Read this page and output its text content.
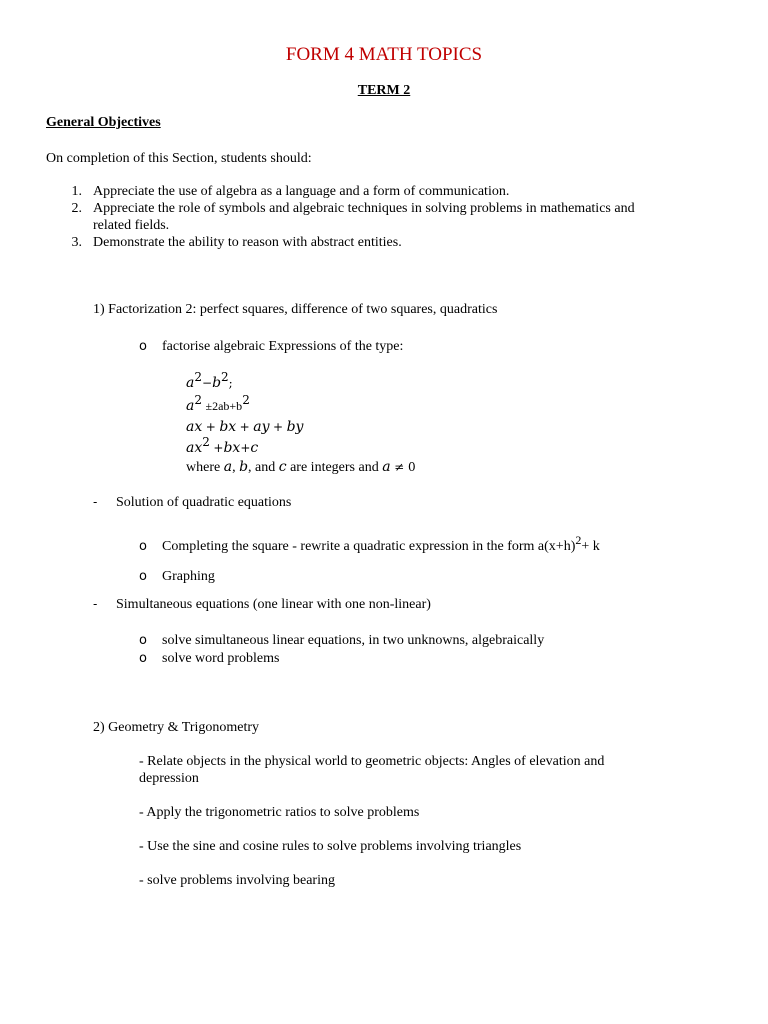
FORM 4 MATH TOPICS
TERM 2
General Objectives
On completion of this Section, students should:
1. Appreciate the use of algebra as a language and a form of communication.
2. Appreciate the role of symbols and algebraic techniques in solving problems in mathematics and
related fields.
3. Demonstrate the ability to reason with abstract entities.
1) Factorization 2: perfect squares, difference of two squares, quadratics
o factorise algebraic Expressions of the type:
$a^2-b^2$;
$a^2 \pm 2ab+b^2$
ax + bx + ay + by
$ax^2 +bx+c$
where a, b, and c are integers and a ≠ 0
- Solution of quadratic equations
o Completing the square - rewrite a quadratic expression in the form $a(x+h)^2+ k$
o Graphing
- Simultaneous equations (one linear with one non-linear)
o solve simultaneous linear equations, in two unknowns, algebraically
o solve word problems
2) Geometry & Trigonometry
- Relate objects in the physical world to geometric objects: Angles of elevation and
depression
- Apply the trigonometric ratios to solve problems
- Use the sine and cosine rules to solve problems involving triangles
- solve problems involving bearing
